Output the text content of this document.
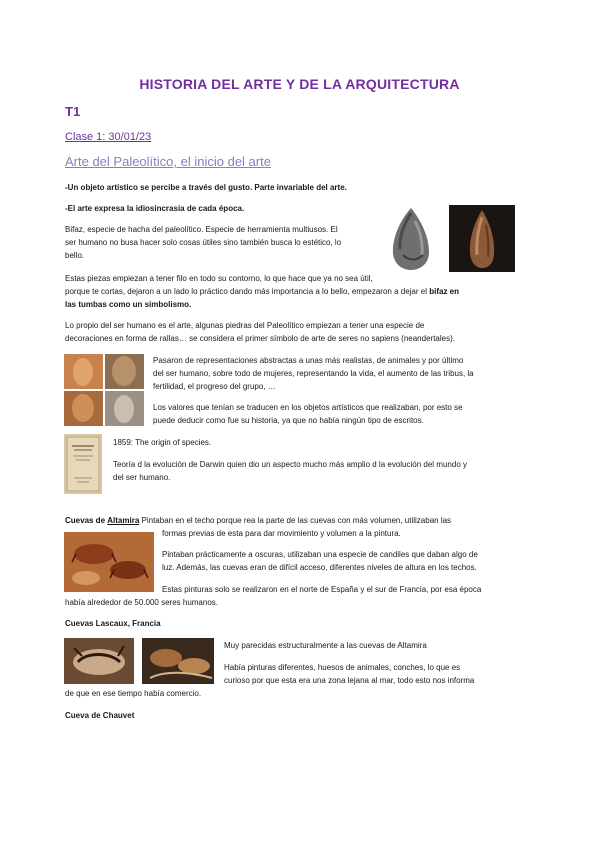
HISTORIA DEL ARTE Y DE LA ARQUITECTURA
T1
Clase 1: 30/01/23
Arte del Paleolítico, el inicio del arte
-Un objeto artístico se percibe a través del gusto. Parte invariable del arte.
-El arte expresa la idiosincrasia de cada época.
Bifaz, especie de hacha del paleolítico. Especie de herramienta multiusos. El
ser humano no busa hacer solo cosas útiles sino también busca lo estético, lo
bello.
Estas piezas empiezan a tener filo en todo su contorno, lo que hace que ya no sea útil,
porque te cortas, dejaron a un lado lo práctico dando más importancia a lo bello, empezaron a dejar el bifaz en
las tumbas como un simbolismo.
Lo propio del ser humano es el arte, algunas piedras del Paleolítico empiezan a tener una especie de
decoraciones en forma de rallas… se considera el primer símbolo de arte de seres no sapiens (neandertales).
Pasaron de representaciones abstractas a unas más realistas, de animales y por último
del ser humano, sobre todo de mujeres, representando la vida, el aumento de las tribus, la
fertilidad, el progreso del grupo, …
Los valores que tenían se traducen en los objetos artísticos que realizaban, por esto se
puede deducir como fue su historia, ya que no había ningún tipo de escritos.
1859: The origin of species.
Teoría d la evolución de Darwin quien dio un aspecto mucho más amplio d la evolución del mundo y
del ser humano.
Cuevas de Altamira Pintaban en el techo porque rea la parte de las cuevas con más volumen, utilizaban las
formas previas de esta para dar movimiento y volumen a la pintura.
Pintaban prácticamente a oscuras, utilizaban una especie de candiles que daban algo de
luz. Además, las cuevas eran de difícil acceso, diferentes niveles de altura en los techos.
Estas pinturas solo se realizaron en el norte de España y el sur de Francia, por esa época
había alrededor de 50.000 seres humanos.
Cuevas Lascaux, Francia
Muy parecidas estructuralmente a las cuevas de Altamira
Había pinturas diferentes, huesos de animales, conches, lo que es
curioso por que esta era una zona lejana al mar, todo esto nos informa
de que en ese tiempo había comercio.
Cueva de Chauvet
